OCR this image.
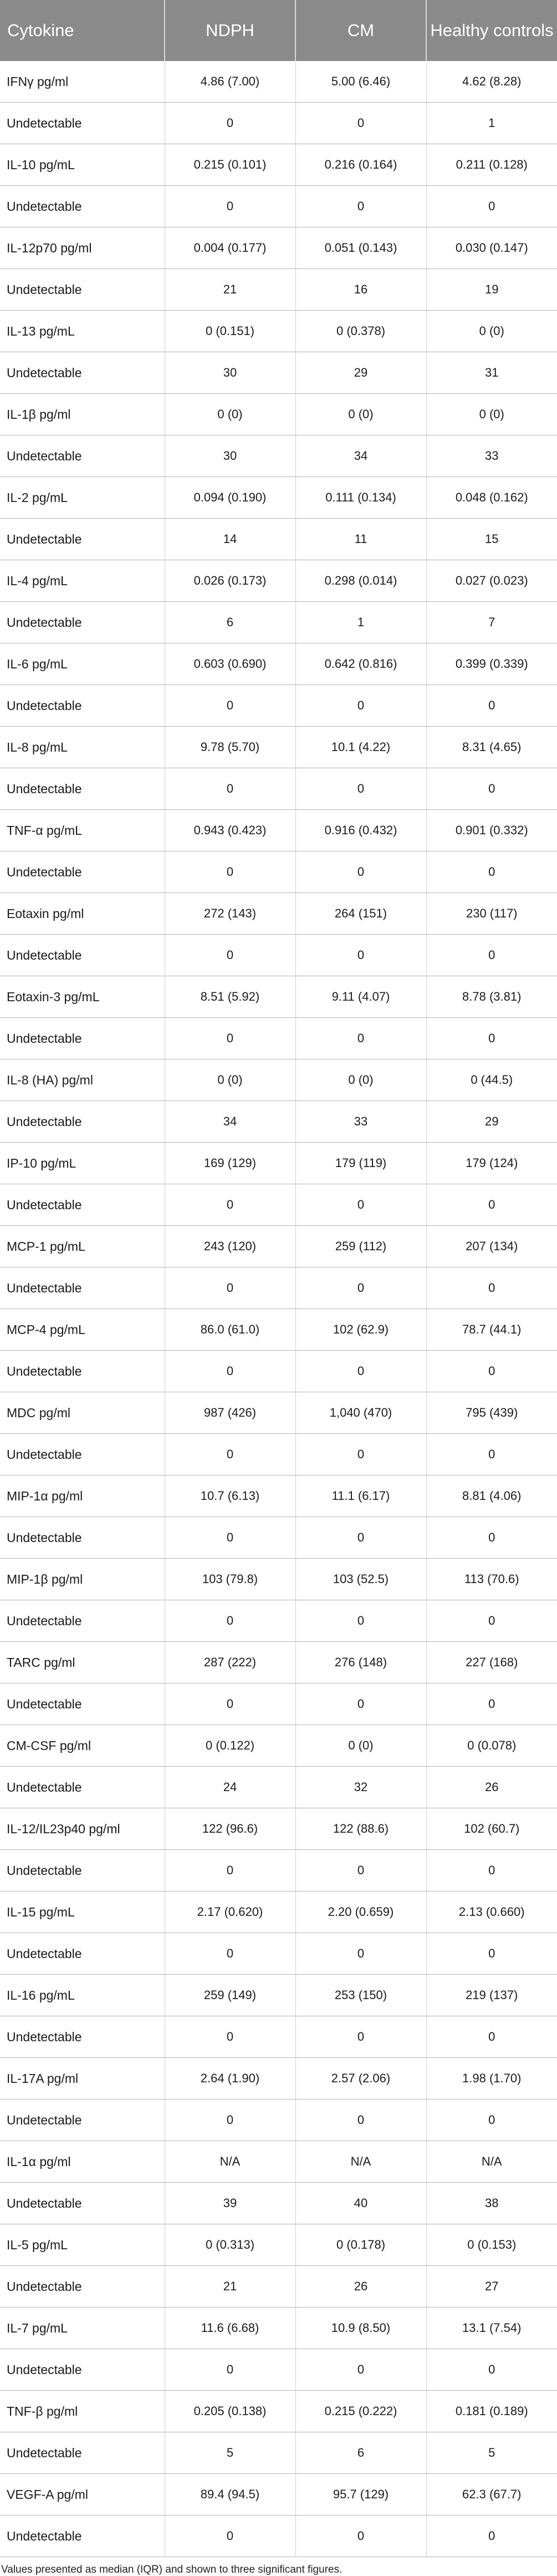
Cytokine	NDPH	CM	Healthy controls
IFNγ pg/ml	4.86 (7.00)	5.00 (6.46)	4.62 (8.28)
Undetectable	0	0	1
IL-10 pg/mL	0.215 (0.101)	0.216 (0.164)	0.211 (0.128)
Undetectable	0	0	0
IL-12p70 pg/ml	0.004 (0.177)	0.051 (0.143)	0.030 (0.147)
Undetectable	21	16	19
IL-13 pg/mL	0 (0.151)	0 (0.378)	0 (0)
Undetectable	30	29	31
IL-1β pg/ml	0 (0)	0 (0)	0 (0)
Undetectable	30	34	33
IL-2 pg/mL	0.094 (0.190)	0.111 (0.134)	0.048 (0.162)
Undetectable	14	11	15
IL-4 pg/mL	0.026 (0.173)	0.298 (0.014)	0.027 (0.023)
Undetectable	6	1	7
IL-6 pg/mL	0.603 (0.690)	0.642 (0.816)	0.399 (0.339)
Undetectable	0	0	0
IL-8 pg/mL	9.78 (5.70)	10.1 (4.22)	8.31 (4.65)
Undetectable	0	0	0
TNF-α pg/mL	0.943 (0.423)	0.916 (0.432)	0.901 (0.332)
Undetectable	0	0	0
Eotaxin pg/ml	272 (143)	264 (151)	230 (117)
Undetectable	0	0	0
Eotaxin-3 pg/mL	8.51 (5.92)	9.11 (4.07)	8.78 (3.81)
Undetectable	0	0	0
IL-8 (HA) pg/ml	0 (0)	0 (0)	0 (44.5)
Undetectable	34	33	29
IP-10 pg/mL	169 (129)	179 (119)	179 (124)
Undetectable	0	0	0
MCP-1 pg/mL	243 (120)	259 (112)	207 (134)
Undetectable	0	0	0
MCP-4 pg/mL	86.0 (61.0)	102 (62.9)	78.7 (44.1)
Undetectable	0	0	0
MDC pg/ml	987 (426)	1,040 (470)	795 (439)
Undetectable	0	0	0
MIP-1α pg/ml	10.7 (6.13)	11.1 (6.17)	8.81 (4.06)
Undetectable	0	0	0
MIP-1β pg/ml	103 (79.8)	103 (52.5)	113 (70.6)
Undetectable	0	0	0
TARC pg/ml	287 (222)	276 (148)	227 (168)
Undetectable	0	0	0
CM-CSF pg/ml	0 (0.122)	0 (0)	0 (0.078)
Undetectable	24	32	26
IL-12/IL23p40 pg/ml	122 (96.6)	122 (88.6)	102 (60.7)
Undetectable	0	0	0
IL-15 pg/mL	2.17 (0.620)	2.20 (0.659)	2.13 (0.660)
Undetectable	0	0	0
IL-16 pg/mL	259 (149)	253 (150)	219 (137)
Undetectable	0	0	0
IL-17A pg/ml	2.64 (1.90)	2.57 (2.06)	1.98 (1.70)
Undetectable	0	0	0
IL-1α pg/ml	N/A	N/A	N/A
Undetectable	39	40	38
IL-5 pg/mL	0 (0.313)	0 (0.178)	0 (0.153)
Undetectable	21	26	27
IL-7 pg/mL	11.6 (6.68)	10.9 (8.50)	13.1 (7.54)
Undetectable	0	0	0
TNF-β pg/ml	0.205 (0.138)	0.215 (0.222)	0.181 (0.189)
Undetectable	5	6	5
VEGF-A pg/ml	89.4 (94.5)	95.7 (129)	62.3 (67.7)
Undetectable	0	0	0
Values presented as median (IQR) and shown to three significant figures.
